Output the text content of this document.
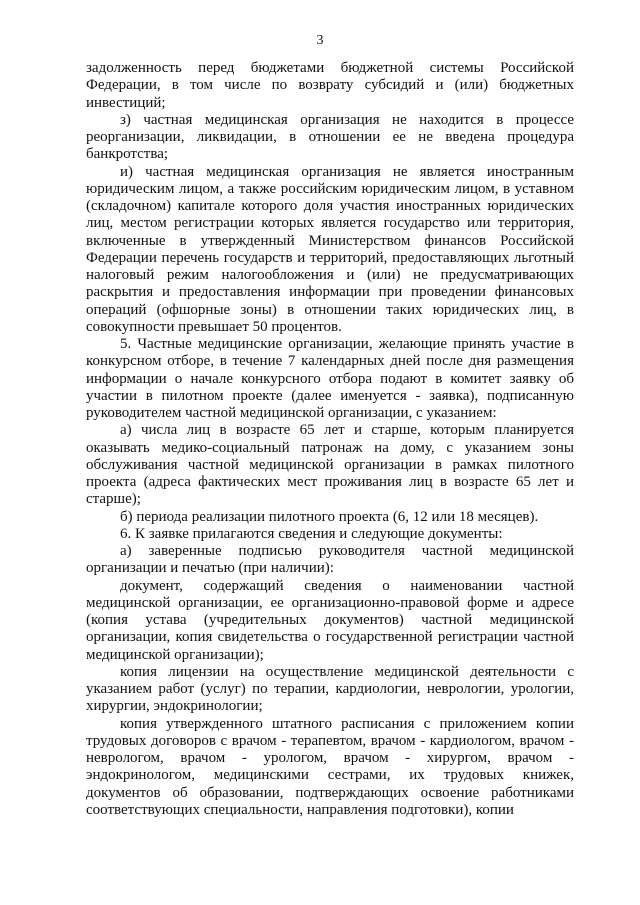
3

задолженность перед бюджетами бюджетной системы Российской Федерации, в том числе по возврату субсидий и (или) бюджетных инвестиций;

з) частная медицинская организация не находится в процессе реорганизации, ликвидации, в отношении ее не введена процедура банкротства;

и) частная медицинская организация не является иностранным юридическим лицом, а также российским юридическим лицом, в уставном (складочном) капитале которого доля участия иностранных юридических лиц, местом регистрации которых является государство или территория, включенные в утвержденный Министерством финансов Российской Федерации перечень государств и территорий, предоставляющих льготный налоговый режим налогообложения и (или) не предусматривающих раскрытия и предоставления информации при проведении финансовых операций (офшорные зоны) в отношении таких юридических лиц, в совокупности превышает 50 процентов.

5. Частные медицинские организации, желающие принять участие в конкурсном отборе, в течение 7 календарных дней после дня размещения информации о начале конкурсного отбора подают в комитет заявку об участии в пилотном проекте (далее именуется - заявка), подписанную руководителем частной медицинской организации, с указанием:

а) числа лиц в возрасте 65 лет и старше, которым планируется оказывать медико-социальный патронаж на дому, с указанием зоны обслуживания частной медицинской организации в рамках пилотного проекта (адреса фактических мест проживания лиц в возрасте 65 лет и старше);

б) периода реализации пилотного проекта (6, 12 или 18 месяцев).

6. К заявке прилагаются сведения и следующие документы:

а) заверенные подписью руководителя частной медицинской организации и печатью (при наличии):

документ, содержащий сведения о наименовании частной медицинской организации, ее организационно-правовой форме и адресе (копия устава (учредительных документов) частной медицинской организации, копия свидетельства о государственной регистрации частной медицинской организации);

копия лицензии на осуществление медицинской деятельности с указанием работ (услуг) по терапии, кардиологии, неврологии, урологии, хирургии, эндокринологии;

копия утвержденного штатного расписания с приложением копии трудовых договоров с врачом - терапевтом, врачом - кардиологом, врачом - неврологом, врачом - урологом, врачом - хирургом, врачом - эндокринологом, медицинскими сестрами, их трудовых книжек, документов об образовании, подтверждающих освоение работниками соответствующих специальности, направления подготовки), копии
